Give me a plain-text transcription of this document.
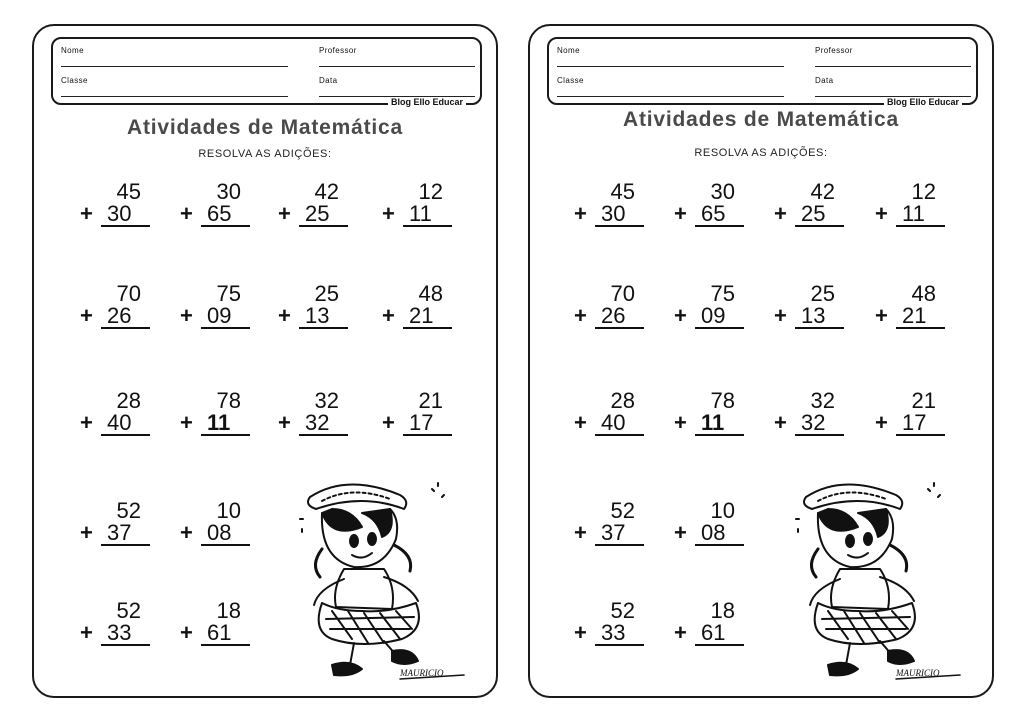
Nome	Professor
Classe	Data
Blog Ello Educar
Atividades de Matemática
RESOLVA AS ADIÇÕES:
45
+ 30
30
+ 65
42
+ 25
12
+ 11
70
+ 26
75
+ 09
25
+ 13
48
+ 21
28
+ 40
78
+ 11
32
+ 32
21
+ 17
52
+ 37
10
+ 08
52
+ 33
18
+ 61
MAURICIO
Nome	Professor
Classe	Data
Blog Ello Educar
Atividades de Matemática
RESOLVA AS ADIÇÕES:
45
+ 30
30
+ 65
42
+ 25
12
+ 11
70
+ 26
75
+ 09
25
+ 13
48
+ 21
28
+ 40
78
+ 11
32
+ 32
21
+ 17
52
+ 37
10
+ 08
52
+ 33
18
+ 61
MAURICIO
